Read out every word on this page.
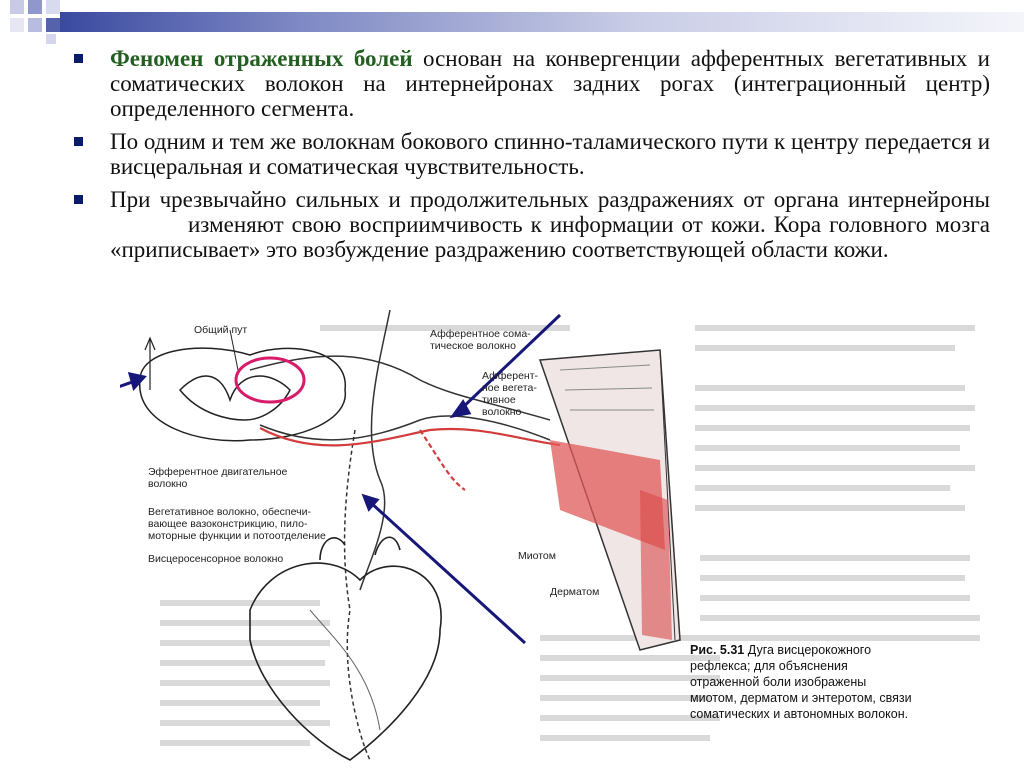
Феномен отраженных болей основан на конвергенции афферентных вегетативных и соматических волокон на интернейронах задних рогах (интеграционный центр) определенного сегмента.
По одним и тем же волокнам бокового спинно-таламического пути к центру передается и висцеральная и соматическая чувствительность.
При чрезвычайно сильных и продолжительных раздражениях от органа интернейроныизменяют свою восприимчивость к информации от кожи. Кора головного мозга «приписывает» это возбуждение раздражению соответствующей области кожи.
Общий пут	Афферентное сома-
тическое волокно
Афферент-
ное вегета-
тивное
волокно
Эфферентное двигательное
волокно
Вегетативное волокно, обеспечи-
вающее вазоконстрикцию, пило-
моторные функции и потоотделение
Висцеросенсорное волокно	Миотом
Дерматом
Рис. 5.31 Дуга висцерокожного рефлекса; для объяснения отраженной боли изображены миотом, дерматом и энтеротом, связи соматических и автономных волокон.
